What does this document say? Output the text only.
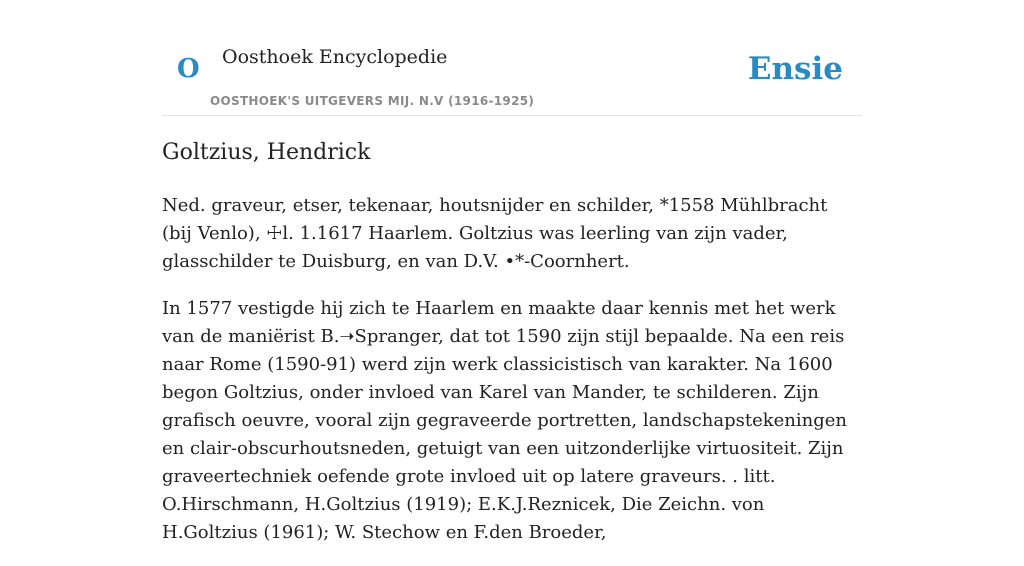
O Oosthoek Encyclopedie
OOSTHOEK'S UITGEVERS MIJ. N.V (1916-1925)
Ensie
Goltzius, Hendrick

Ned. graveur, etser, tekenaar, houtsnijder en schilder, *1558 Mühlbracht (bij Venlo), ☩l. 1.1617 Haarlem. Goltzius was leerling van zijn vader, glasschilder te Duisburg, en van D.V. •*-Coornhert.

In 1577 vestigde hij zich te Haarlem en maakte daar kennis met het werk van de maniërist B.➝Spranger, dat tot 1590 zijn stijl bepaalde. Na een reis naar Rome (1590-91) werd zijn werk classicistisch van karakter. Na 1600 begon Goltzius, onder invloed van Karel van Mander, te schilderen. Zijn grafisch oeuvre, vooral zijn gegraveerde portretten, landschapstekeningen en clair-obscurhoutsneden, getuigt van een uitzonderlijke virtuositeit. Zijn graveertechniek oefende grote invloed uit op latere graveurs. . litt. O.Hirschmann, H.Goltzius (1919); E.K.J.Reznicek, Die Zeichn. von H.Goltzius (1961); W. Stechow en F.den Broeder,
